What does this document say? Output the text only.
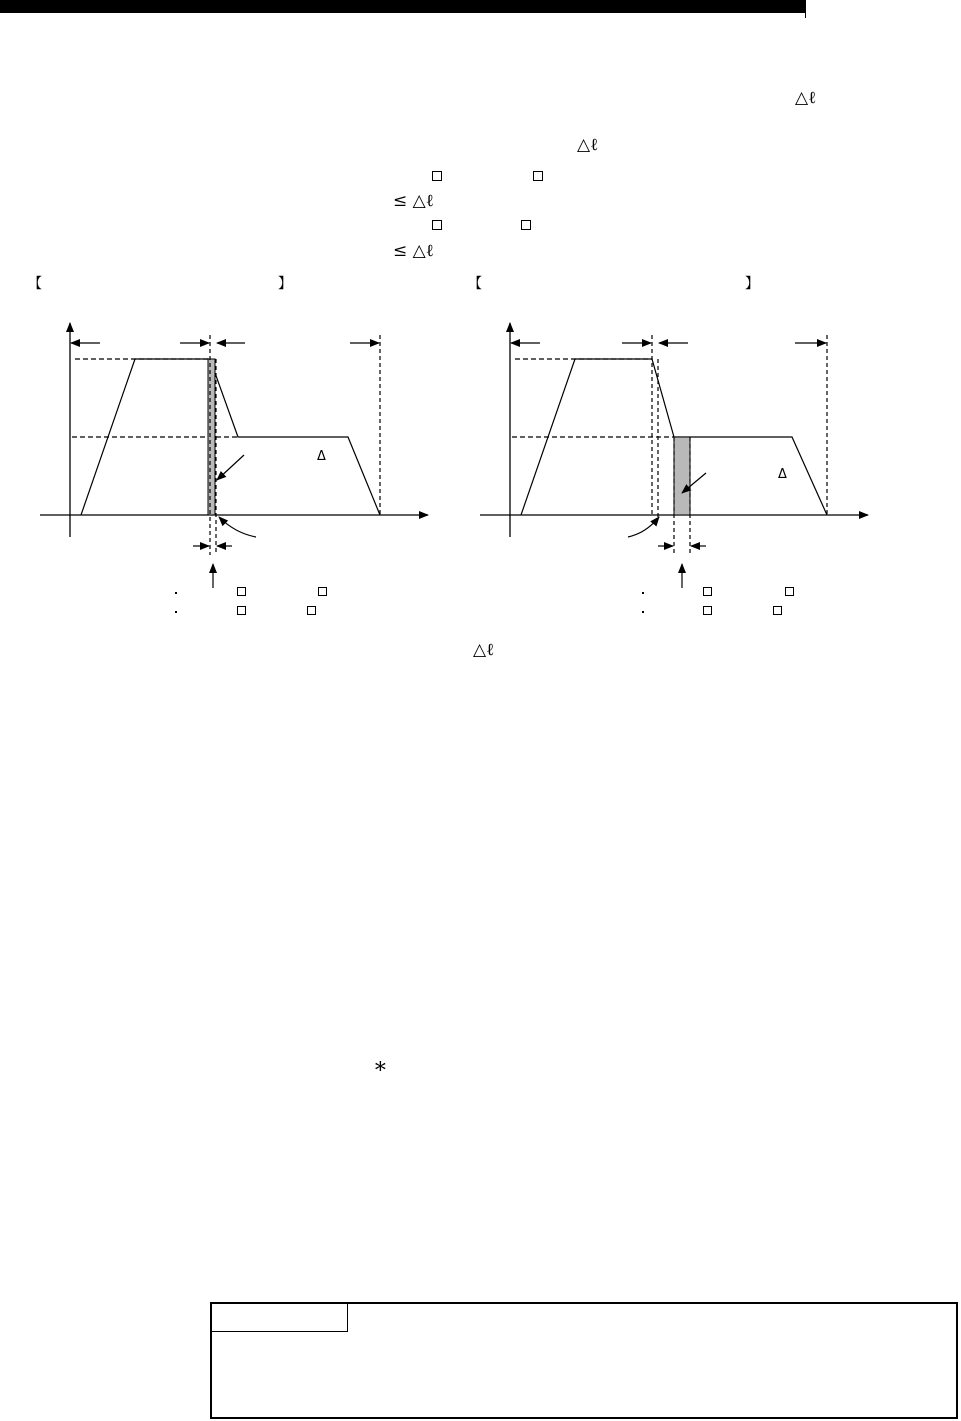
△ℓ
△ℓ
≤ △ℓ
≤ △ℓ
【	】	【	】
Δ
Δ
△ℓ
∗
